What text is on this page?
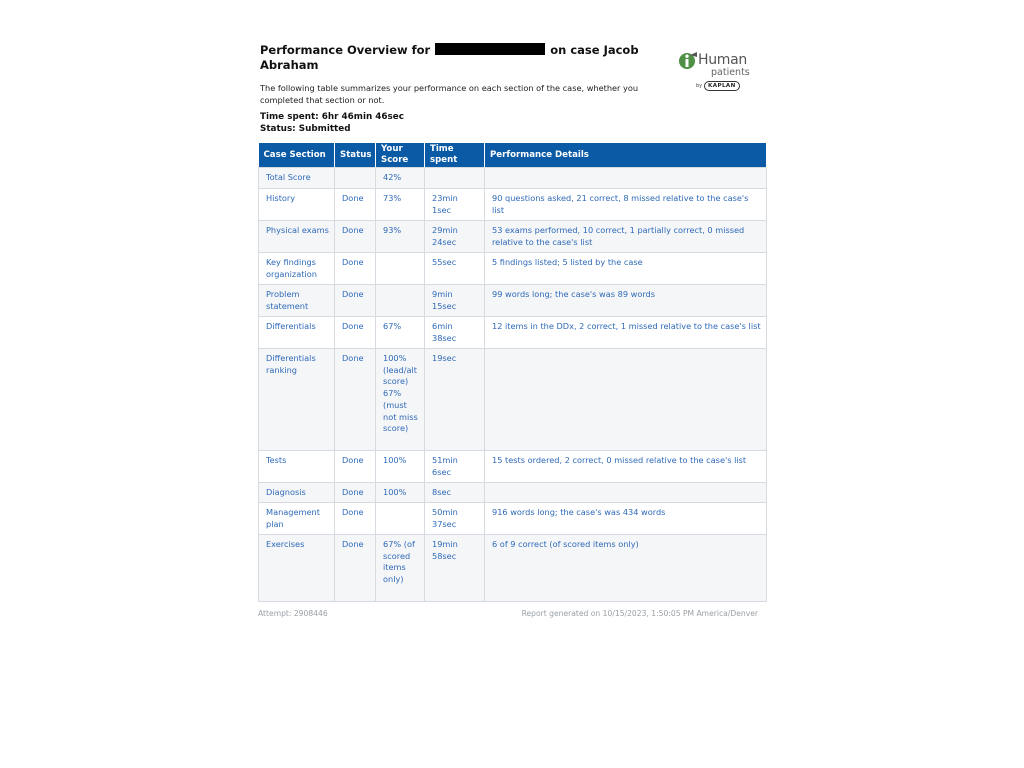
Performance Overview for	on case Jacob
Abraham
The following table summarizes your performance on each section of the case, whether you completed that section or not.
Human
patients
by	KAPLAN
Time spent: 6hr 46min 46sec
Status: Submitted
Case Section	Status	Your Score	Time spent	Performance Details
Total Score		42%		
History	Done	73%	23min 1sec	90 questions asked, 21 correct, 8 missed relative to the case's list
Physical exams	Done	93%	29min 24sec	53 exams performed, 10 correct, 1 partially correct, 0 missed relative to the case's list
Key findings organization	Done		55sec	5 findings listed; 5 listed by the case
Problem statement	Done		9min 15sec	99 words long; the case's was 89 words
Differentials	Done	67%	6min 38sec	12 items in the DDx, 2 correct, 1 missed relative to the case's list
Differentials ranking	Done	100% (lead/alt score) 67% (must not miss score)	19sec	
Tests	Done	100%	51min 6sec	15 tests ordered, 2 correct, 0 missed relative to the case's list
Diagnosis	Done	100%	8sec	
Management plan	Done		50min 37sec	916 words long; the case's was 434 words
Exercises	Done	67% (of scored items only)	19min 58sec	6 of 9 correct (of scored items only)
Attempt: 2908446	Report generated on 10/15/2023, 1:50:05 PM America/Denver
